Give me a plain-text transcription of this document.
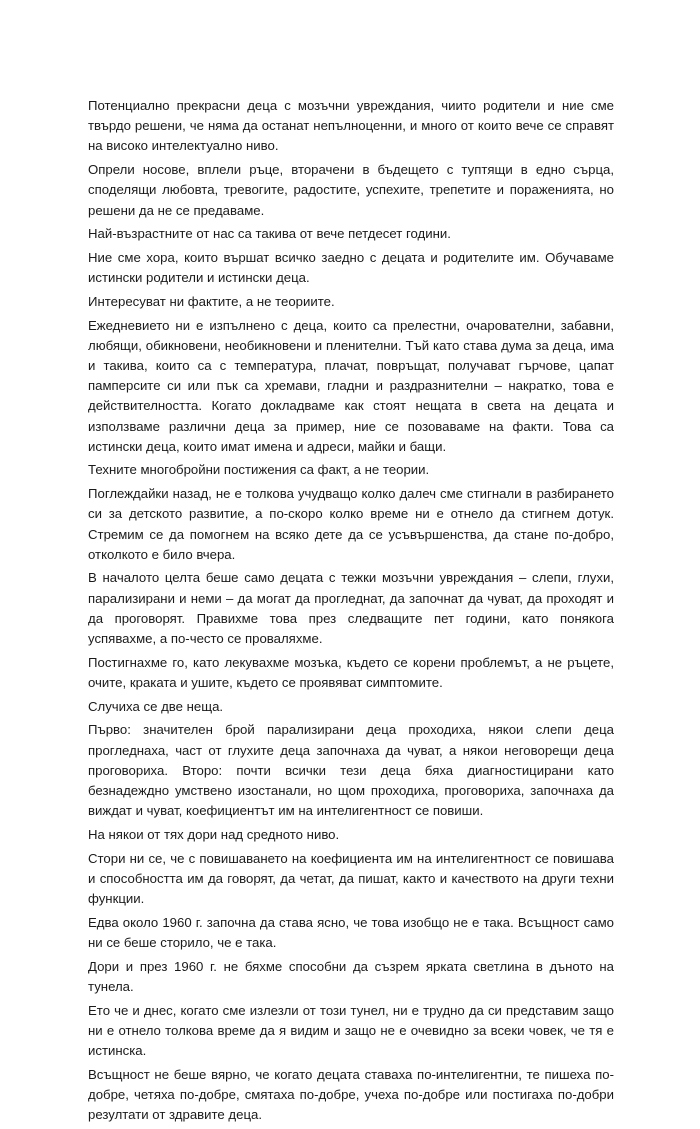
Потенциално прекрасни деца с мозъчни увреждания, чиито родители и ние сме твърдо решени, че няма да останат непълноценни, и много от които вече се справят на високо интелектуално ниво.

Опрели носове, вплели ръце, вторачени в бъдещето с туптящи в едно сърца, споделящи любовта, тревогите, радостите, успехите, трепетите и пораженията, но решени да не се предаваме.

Най-възрастните от нас са такива от вече петдесет години.

Ние сме хора, които вършат всичко заедно с децата и родителите им. Обучаваме истински родители и истински деца.

Интересуват ни фактите, а не теориите.

Ежедневието ни е изпълнено с деца, които са прелестни, очарователни, забавни, любящи, обикновени, необикновени и пленителни. Тъй като става дума за деца, има и такива, които са с температура, плачат, повръщат, получават гърчове, цапат памперсите си или пък са хремави, гладни и раздразнителни – накратко, това е действителността. Когато докладваме как стоят нещата в света на децата и използваме различни деца за пример, ние се позоваваме на факти. Това са истински деца, които имат имена и адреси, майки и бащи.

Техните многобройни постижения са факт, а не теории.

Поглеждайки назад, не е толкова учудващо колко далеч сме стигнали в разбирането си за детското развитие, а по-скоро колко време ни е отнело да стигнем дотук. Стремим се да помогнем на всяко дете да се усъвършенства, да стане по-добро, отколкото е било вчера.

В началото целта беше само децата с тежки мозъчни увреждания – слепи, глухи, парализирани и неми – да могат да прогледнат, да започнат да чуват, да проходят и да проговорят. Правихме това през следващите пет години, като понякога успявахме, а по-често се проваляхме.

Постигнахме го, като лекувахме мозъка, където се корени проблемът, а не ръцете, очите, краката и ушите, където се проявяват симптомите.

Случиха се две неща.

Първо: значителен брой парализирани деца проходиха, някои слепи деца прогледнаха, част от глухите деца започнаха да чуват, а някои неговорещи деца проговориха. Второ: почти всички тези деца бяха диагностицирани като безнадеждно умствено изостанали, но щом проходиха, проговориха, започнаха да виждат и чуват, коефициентът им на интелигентност се повиши.

На някои от тях дори над средното ниво.

Стори ни се, че с повишаването на коефициента им на интелигентност се повишава и способността им да говорят, да четат, да пишат, както и качеството на други техни функции.

Едва около 1960 г. започна да става ясно, че това изобщо не е така. Всъщност само ни се беше сторило, че е така.

Дори и през 1960 г. не бяхме способни да съзрем ярката светлина в дъното на тунела.

Ето че и днес, когато сме излезли от този тунел, ни е трудно да си представим защо ни е отнело толкова време да я видим и защо не е очевидно за всеки човек, че тя е истинска.

Всъщност не беше вярно, че когато децата ставаха по-интелигентни, те пишеха по-добре, четяха по-добре, смятаха по-добре, учеха по-добре или постигаха по-добри резултати от здравите деца.
